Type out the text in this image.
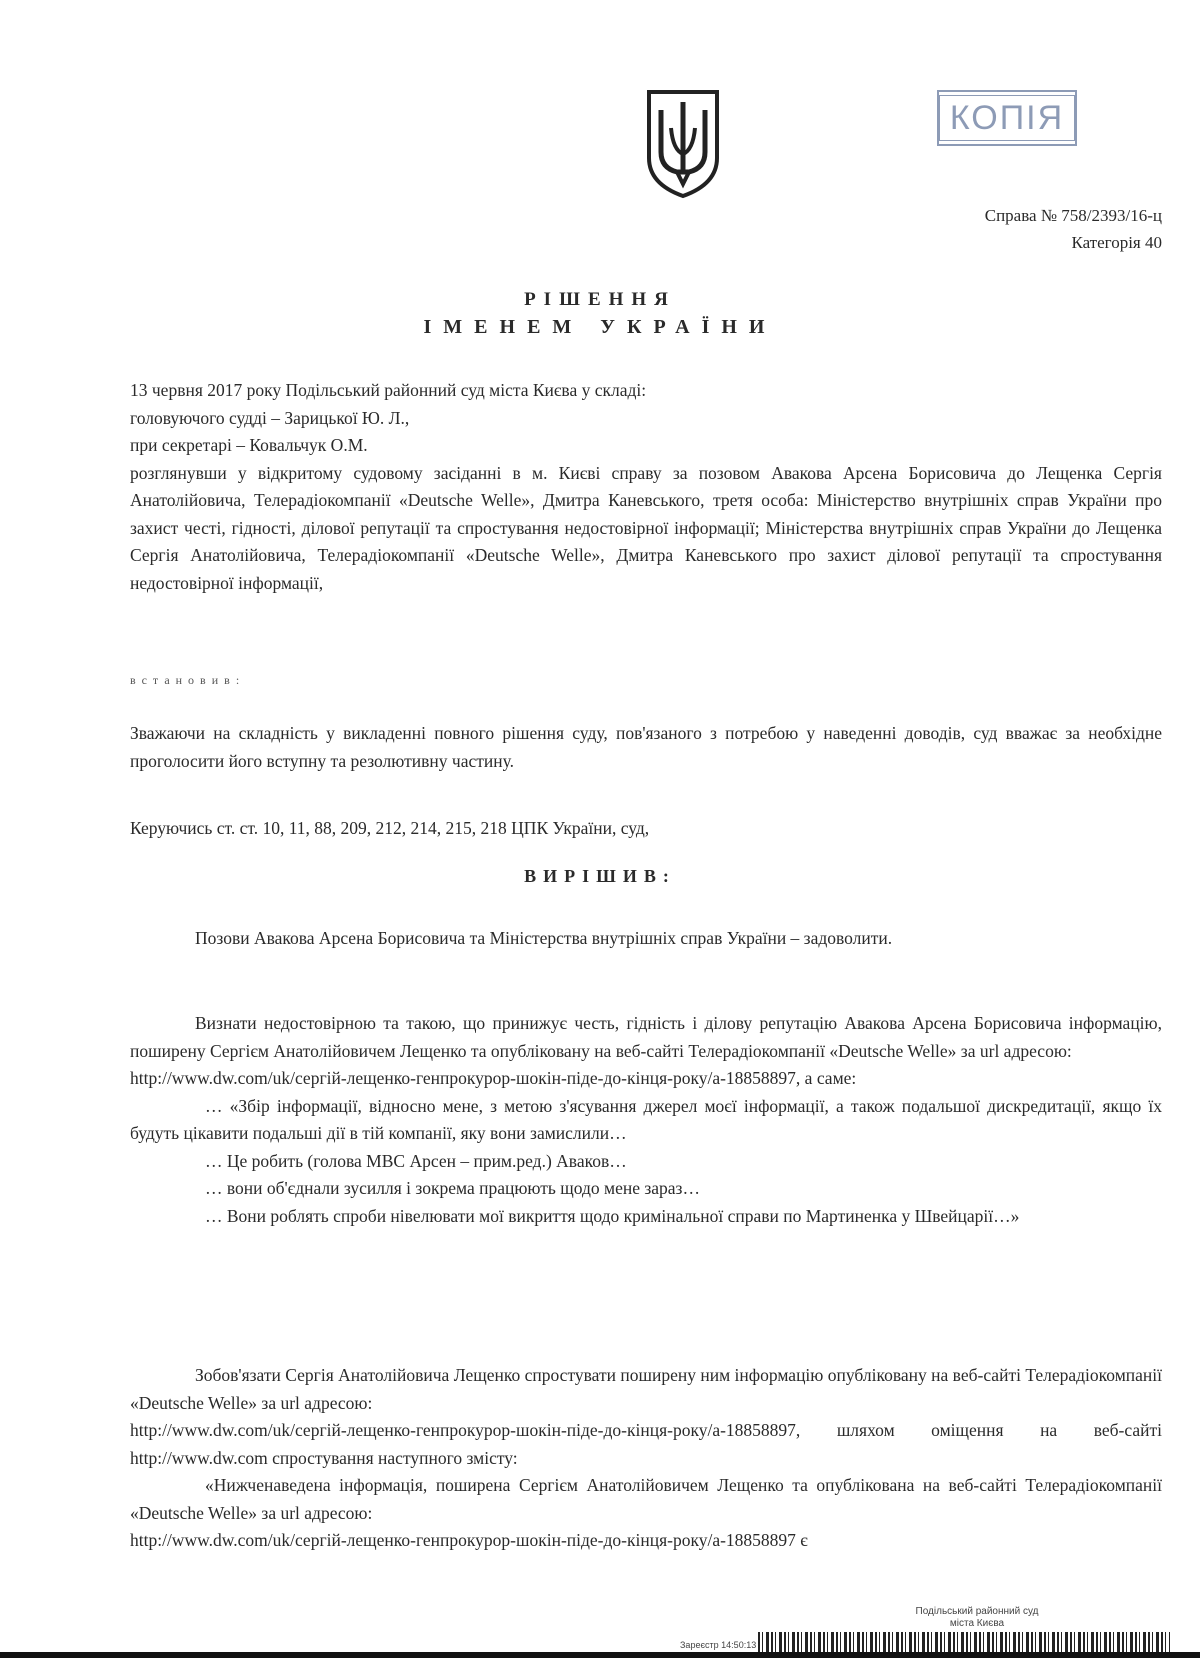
КОПІЯ
Справа № 758/2393/16-ц
Категорія 40
РІШЕННЯ
ІМЕНЕМ УКРАЇНИ
13 червня 2017 року Подільський районний суд міста Києва у складі:
головуючого судді – Зарицької Ю. Л.,
при секретарі – Ковальчук О.М.
розглянувши у відкритому судовому засіданні в м. Києві справу за позовом Авакова Арсена Борисовича до Лещенка Сергія Анатолійовича, Телерадіокомпанії «Deutsche Welle», Дмитра Каневського, третя особа: Міністерство внутрішніх справ України про захист честі, гідності, ділової репутації та спростування недостовірної інформації; Міністерства внутрішніх справ України до Лещенка Сергія Анатолійовича, Телерадіокомпанії «Deutsche Welle», Дмитра Каневського про захист ділової репутації та спростування недостовірної інформації,
встановив:
Зважаючи на складність у викладенні повного рішення суду, пов'язаного з потребою у наведенні доводів, суд вважає за необхідне проголосити його вступну та резолютивну частину.
Керуючись ст. ст. 10, 11, 88, 209, 212, 214, 215, 218 ЦПК України, суд,
ВИРІШИВ:
Позови Авакова Арсена Борисовича та Міністерства внутрішніх справ України – задоволити.
Визнати недостовірною та такою, що принижує честь, гідність і ділову репутацію Авакова Арсена Борисовича інформацію, поширену Сергієм Анатолійовичем Лещенко та опубліковану на веб-сайті Телерадіокомпанії «Deutsche Welle» за url адресою:
http://www.dw.com/uk/сергій-лещенко-генпрокурор-шокін-піде-до-кінця-року/a-18858897, а саме:
… «Збір інформації, відносно мене, з метою з'ясування джерел моєї інформації, а також подальшої дискредитації, якщо їх будуть цікавити подальші дії в тій компанії, яку вони замислили…
… Це робить (голова МВС Арсен – прим.ред.) Аваков…
… вони об'єднали зусилля і зокрема працюють щодо мене зараз…
… Вони роблять спроби нівелювати мої викриття щодо кримінальної справи по Мартиненка у Швейцарії…»
Зобов'язати Сергія Анатолійовича Лещенко спростувати поширену ним інформацію опубліковану на веб-сайті Телерадіокомпанії «Deutsche Welle» за url адресою:
http://www.dw.com/uk/сергій-лещенко-генпрокурор-шокін-піде-до-кінця-року/a-18858897, шляхом оміщення на веб-сайті http://www.dw.com спростування наступного змісту:
«Нижченаведена інформація, поширена Сергієм Анатолійовичем Лещенко та опублікована на веб-сайті Телерадіокомпанії «Deutsche Welle» за url адресою:
http://www.dw.com/uk/сергій-лещенко-генпрокурор-шокін-піде-до-кінця-року/a-18858897 є
Подільський районний суд
міста Києва
Зареєстр 14:50:13
